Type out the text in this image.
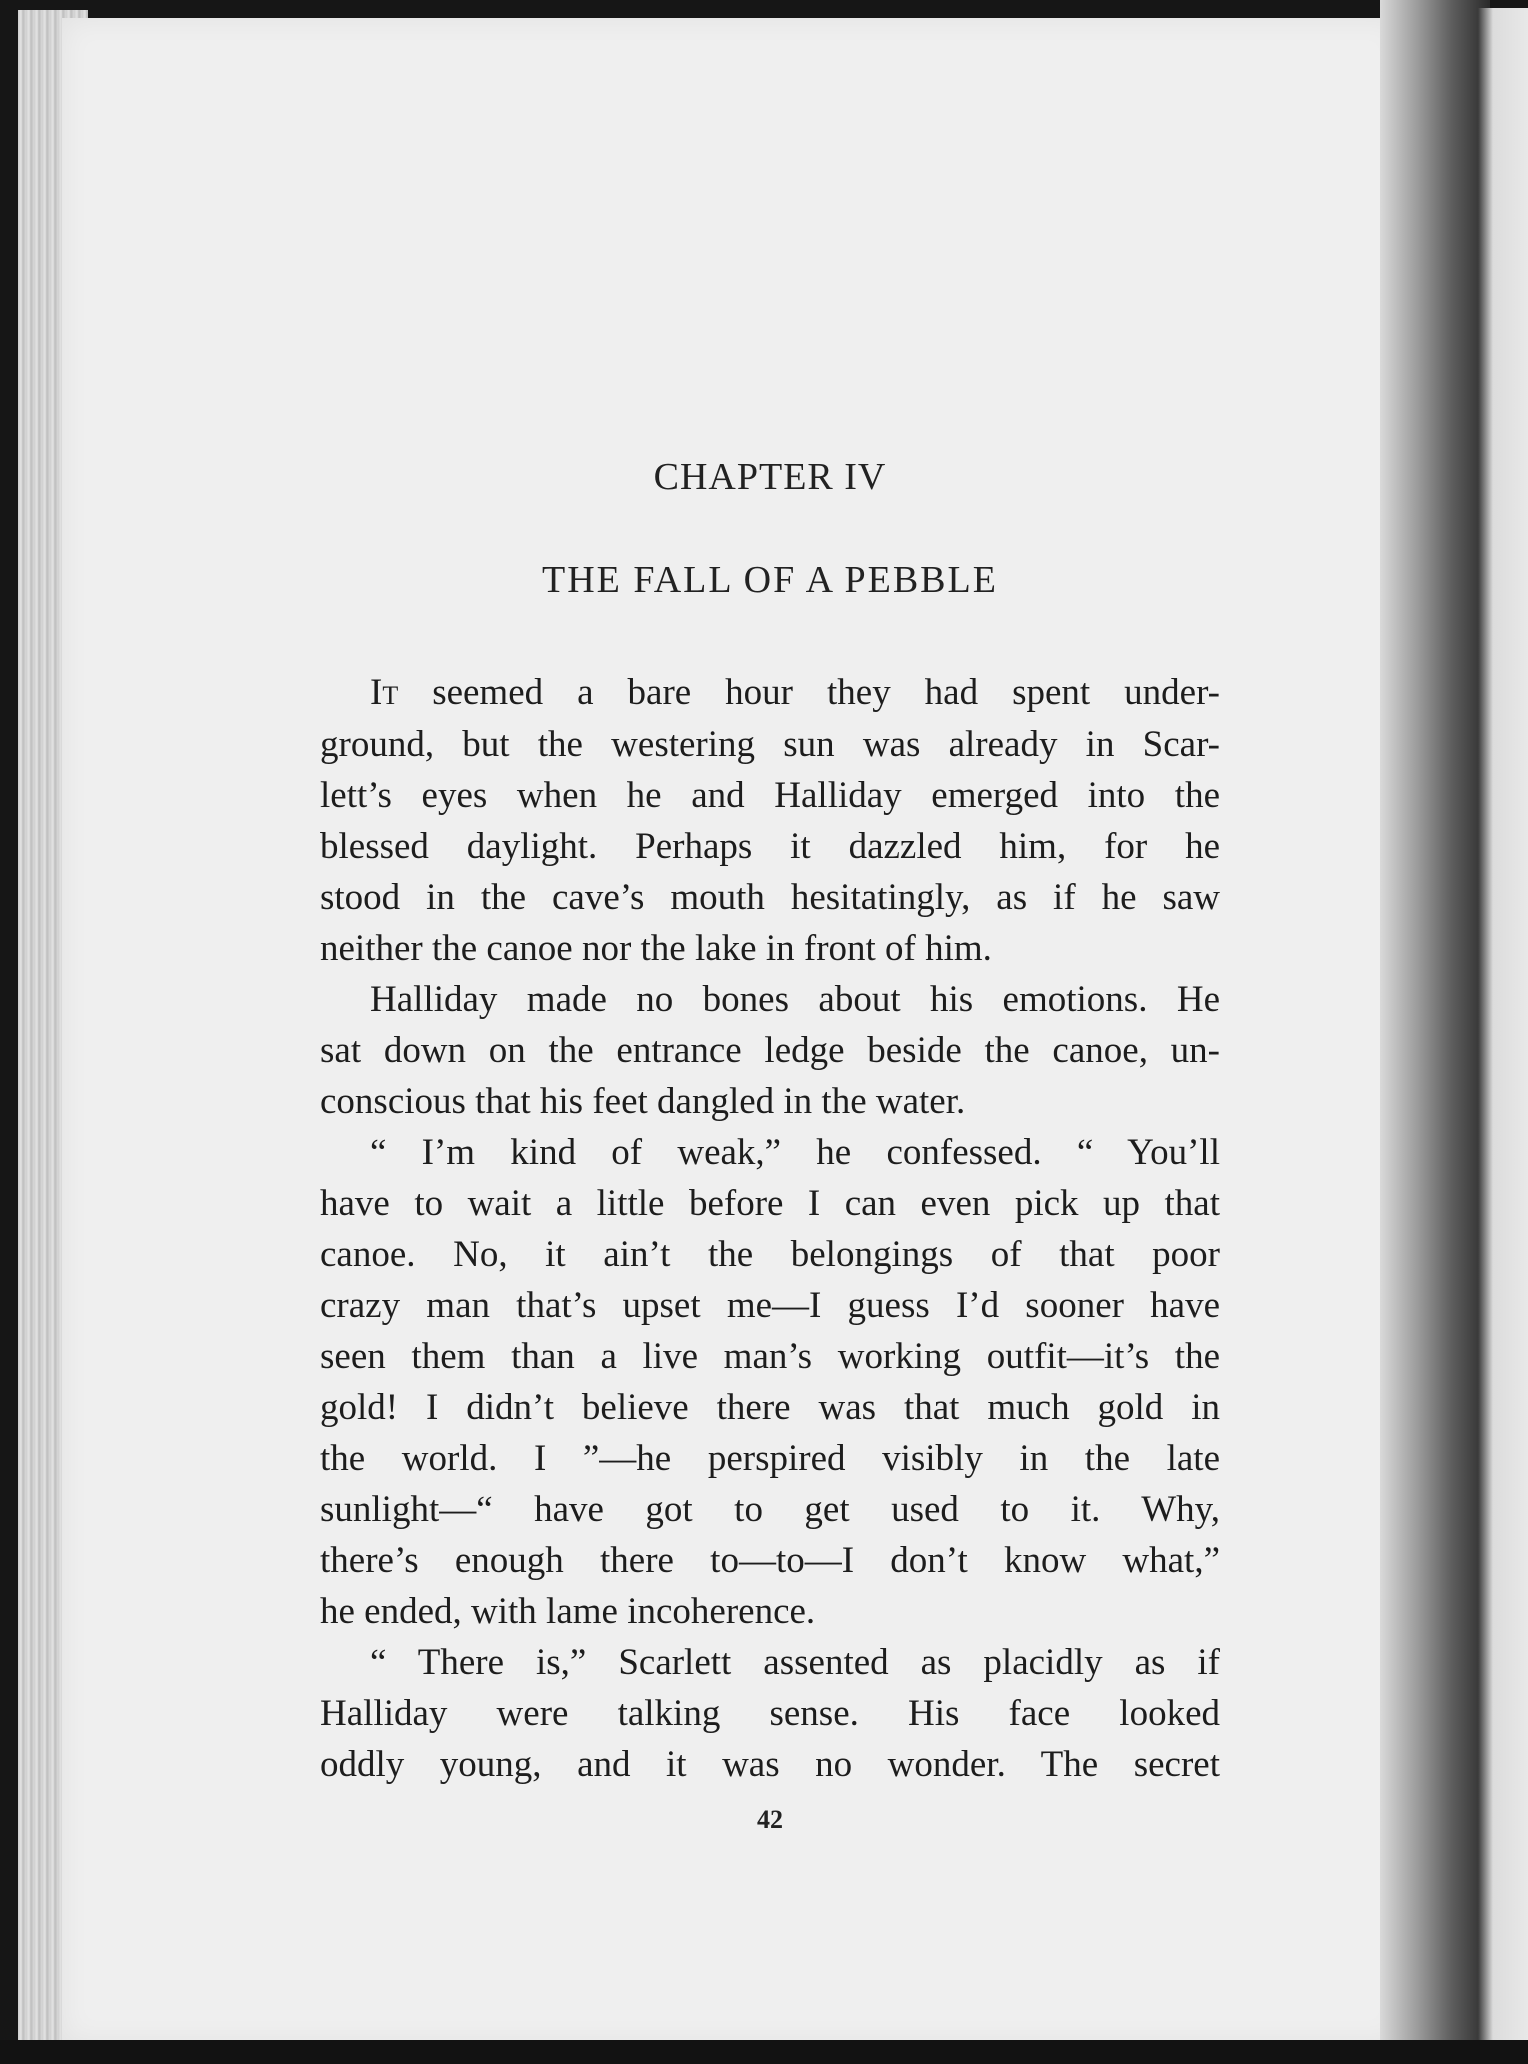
CHAPTER IV
THE FALL OF A PEBBLE
It seemed a bare hour they had spent under-
ground, but the westering sun was already in Scar-
lett’s eyes when he and Halliday emerged into the
blessed daylight. Perhaps it dazzled him, for he
stood in the cave’s mouth hesitatingly, as if he saw
neither the canoe nor the lake in front of him.
Halliday made no bones about his emotions. He
sat down on the entrance ledge beside the canoe, un-
conscious that his feet dangled in the water.
“ I’m kind of weak,” he confessed. “ You’ll
have to wait a little before I can even pick up that
canoe. No, it ain’t the belongings of that poor
crazy man that’s upset me—I guess I’d sooner have
seen them than a live man’s working outfit—it’s the
gold! I didn’t believe there was that much gold in
the world. I ”—he perspired visibly in the late
sunlight—“ have got to get used to it. Why,
there’s enough there to—to—I don’t know what,”
he ended, with lame incoherence.
“ There is,” Scarlett assented as placidly as if
Halliday were talking sense. His face looked
oddly young, and it was no wonder. The secret
42
